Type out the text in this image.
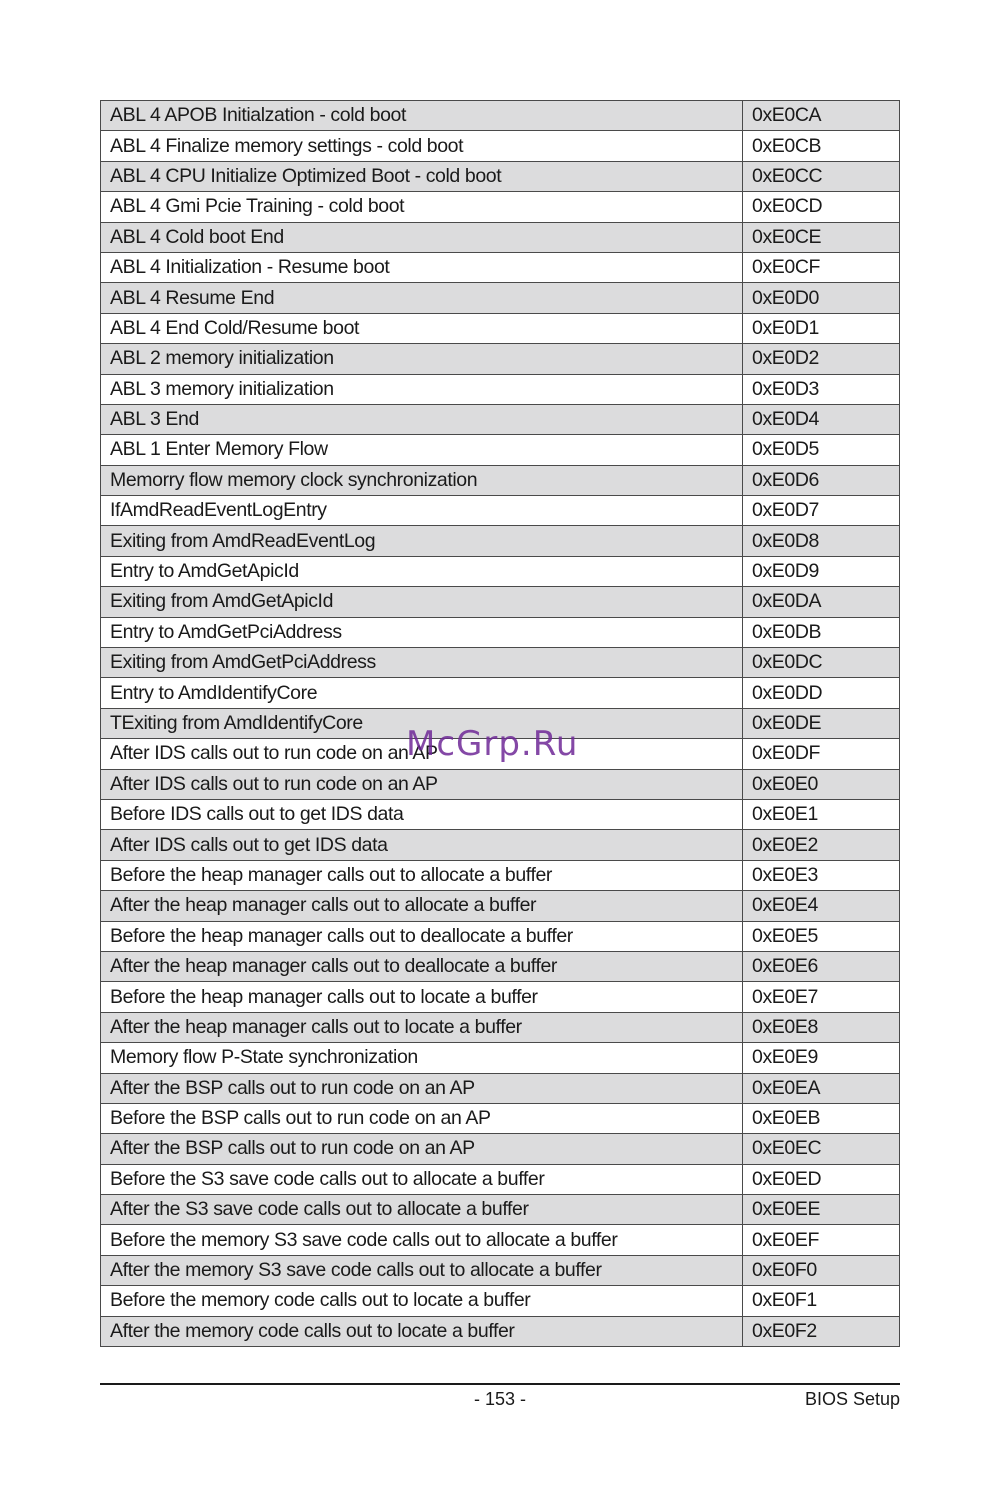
ABL 4 APOB Initialzation - cold boot	0xE0CA
ABL 4 Finalize memory settings - cold boot	0xE0CB
ABL 4 CPU Initialize Optimized Boot - cold boot	0xE0CC
ABL 4 Gmi Pcie Training - cold boot	0xE0CD
ABL 4 Cold boot End	0xE0CE
ABL 4 Initialization - Resume boot	0xE0CF
ABL 4 Resume End	0xE0D0
ABL 4 End Cold/Resume boot	0xE0D1
ABL 2 memory initialization	0xE0D2
ABL 3 memory initialization	0xE0D3
ABL 3 End	0xE0D4
ABL 1 Enter Memory Flow	0xE0D5
Memorry flow memory clock synchronization	0xE0D6
IfAmdReadEventLogEntry	0xE0D7
Exiting from AmdReadEventLog	0xE0D8
Entry to AmdGetApicId	0xE0D9
Exiting from AmdGetApicId	0xE0DA
Entry to AmdGetPciAddress	0xE0DB
Exiting from AmdGetPciAddress	0xE0DC
Entry to AmdIdentifyCore	0xE0DD
TExiting from AmdIdentifyCore	0xE0DE
After IDS calls out to run code on an AP	0xE0DF
After IDS calls out to run code on an AP	0xE0E0
Before IDS calls out to get IDS data	0xE0E1
After IDS calls out to get IDS data	0xE0E2
Before the heap manager calls out to allocate a buffer	0xE0E3
After the heap manager calls out to allocate a buffer	0xE0E4
Before the heap manager calls out to deallocate a buffer	0xE0E5
After the heap manager calls out to deallocate a buffer	0xE0E6
Before the heap manager calls out to locate a buffer	0xE0E7
After the heap manager calls out to locate a buffer	0xE0E8
Memory flow P-State synchronization	0xE0E9
After the BSP calls out to run code on an AP	0xE0EA
Before the BSP calls out to run code on an AP	0xE0EB
After the BSP calls out to run code on an AP	0xE0EC
Before the S3 save code calls out to allocate a buffer	0xE0ED
After the S3 save code calls out to allocate a buffer	0xE0EE
Before the memory S3 save code calls out to allocate a buffer	0xE0EF
After the memory S3 save code calls out to allocate a buffer	0xE0F0
Before the memory code calls out to locate a buffer	0xE0F1
After the memory code calls out to locate a buffer	0xE0F2
McGrp.Ru
- 153 -	BIOS Setup
